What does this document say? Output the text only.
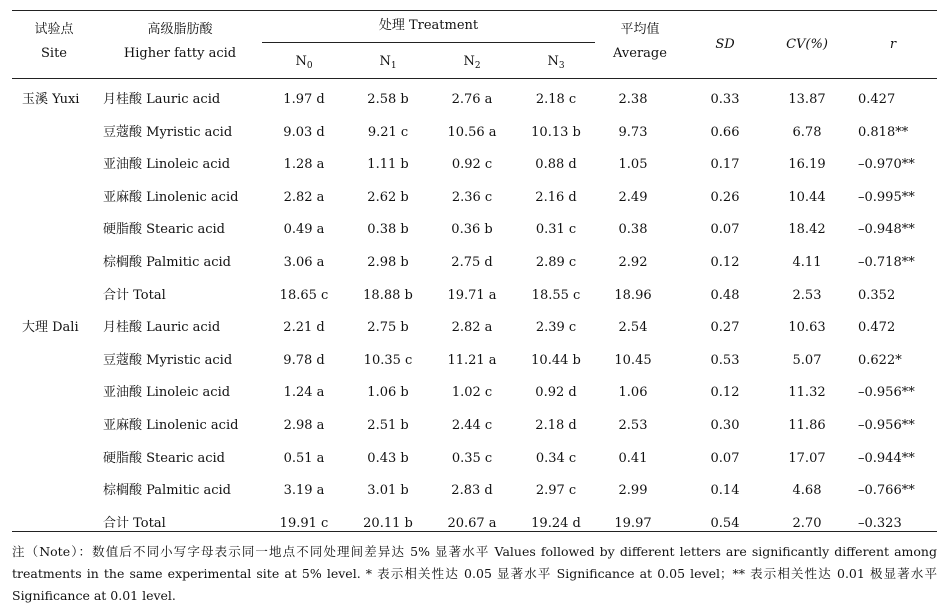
试验点
Site
高级脂肪酸
Higher fatty acid
处理 Treatment
$N_0$	$N_1$	$N_2$	$N_3$
平均值
Average
SD	CV(%)	r
玉溪 Yuxi	月桂酸 Lauric acid	1.97 d	2.58 b	2.76 a	2.18 c	2.38	0.33	13.87	0.427
豆蔻酸 Myristic acid	9.03 d	9.21 c	10.56 a	10.13 b	9.73	0.66	6.78	0.818**
亚油酸 Linoleic acid	1.28 a	1.11 b	0.92 c	0.88 d	1.05	0.17	16.19	–0.970**
亚麻酸 Linolenic acid	2.82 a	2.62 b	2.36 c	2.16 d	2.49	0.26	10.44	–0.995**
硬脂酸 Stearic acid	0.49 a	0.38 b	0.36 b	0.31 c	0.38	0.07	18.42	–0.948**
棕榈酸 Palmitic acid	3.06 a	2.98 b	2.75 d	2.89 c	2.92	0.12	4.11	–0.718**
合计 Total	18.65 c	18.88 b	19.71 a	18.55 c	18.96	0.48	2.53	0.352
大理 Dali	月桂酸 Lauric acid	2.21 d	2.75 b	2.82 a	2.39 c	2.54	0.27	10.63	0.472
豆蔻酸 Myristic acid	9.78 d	10.35 c	11.21 a	10.44 b	10.45	0.53	5.07	0.622*
亚油酸 Linoleic acid	1.24 a	1.06 b	1.02 c	0.92 d	1.06	0.12	11.32	–0.956**
亚麻酸 Linolenic acid	2.98 a	2.51 b	2.44 c	2.18 d	2.53	0.30	11.86	–0.956**
硬脂酸 Stearic acid	0.51 a	0.43 b	0.35 c	0.34 c	0.41	0.07	17.07	–0.944**
棕榈酸 Palmitic acid	3.19 a	3.01 b	2.83 d	2.97 c	2.99	0.14	4.68	–0.766**
合计 Total	19.91 c	20.11 b	20.67 a	19.24 d	19.97	0.54	2.70	–0.323
注（Note）：数值后不同小写字母表示同一地点不同处理间差异达 5% 显著水平 Values followed by different letters are significantly different among treatments in the same experimental site at 5% level. * 表示相关性达 0.05 显著水平 Significance at 0.05 level；** 表示相关性达 0.01 极显著水平 Significance at 0.01 level.
